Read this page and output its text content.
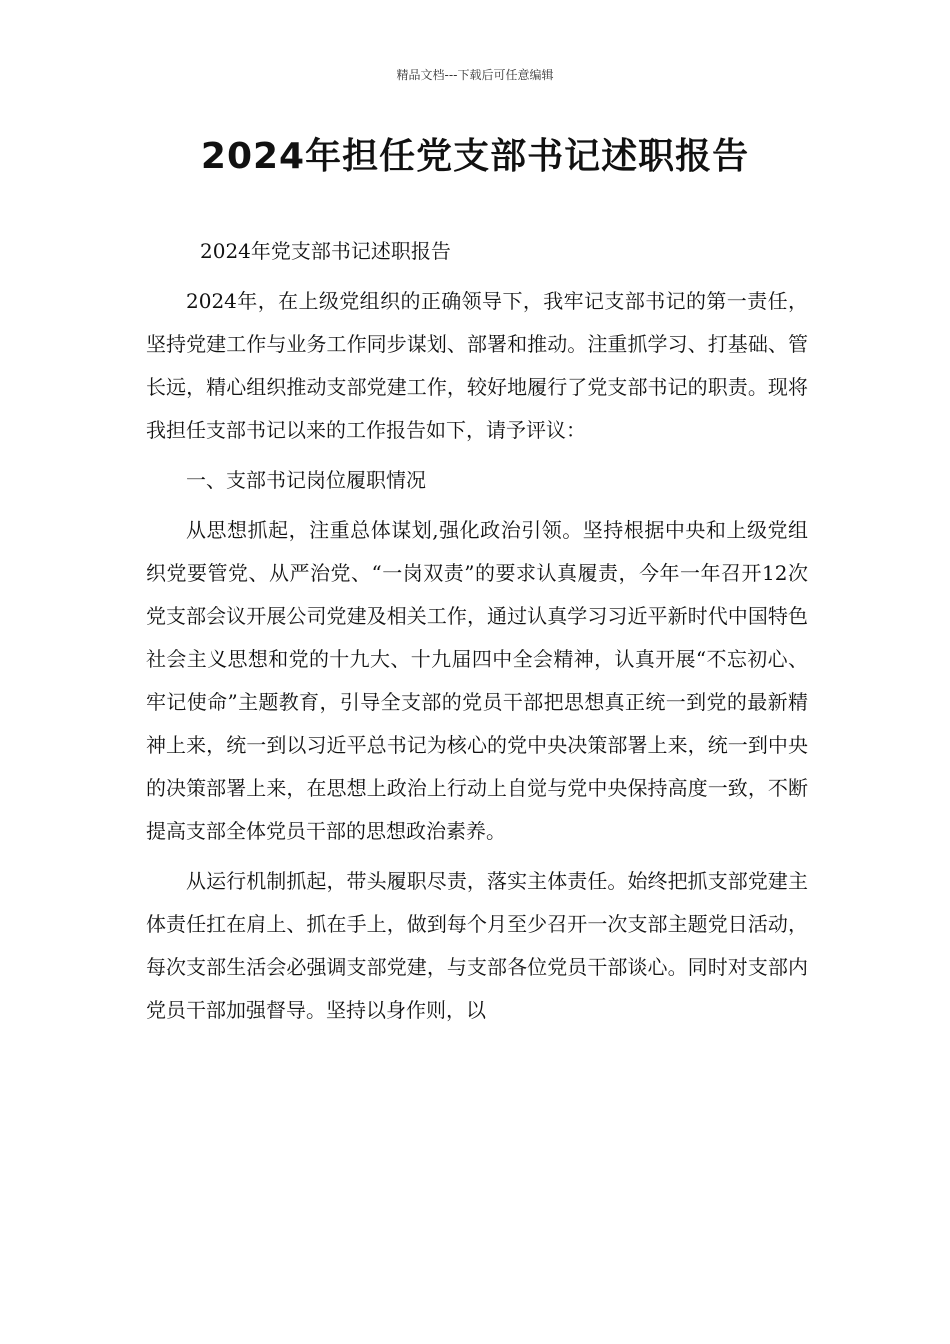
精品文档---下载后可任意编辑
2024年担任党支部书记述职报告

2024年党支部书记述职报告

2024年，在上级党组织的正确领导下，我牢记支部书记的第一责任，坚持党建工作与业务工作同步谋划、部署和推动。注重抓学习、打基础、管长远，精心组织推动支部党建工作，较好地履行了党支部书记的职责。现将我担任支部书记以来的工作报告如下，请予评议：

一、支部书记岗位履职情况

从思想抓起，注重总体谋划,强化政治引领。坚持根据中央和上级党组织党要管党、从严治党、“一岗双责”的要求认真履责，今年一年召开12次党支部会议开展公司党建及相关工作，通过认真学习习近平新时代中国特色社会主义思想和党的十九大、十九届四中全会精神，认真开展“不忘初心、牢记使命”主题教育，引导全支部的党员干部把思想真正统一到党的最新精神上来，统一到以习近平总书记为核心的党中央决策部署上来，统一到中央的决策部署上来，在思想上政治上行动上自觉与党中央保持高度一致，不断提高支部全体党员干部的思想政治素养。

从运行机制抓起，带头履职尽责，落实主体责任。始终把抓支部党建主体责任扛在肩上、抓在手上，做到每个月至少召开一次支部主题党日活动，每次支部生活会必强调支部党建，与支部各位党员干部谈心。同时对支部内党员干部加强督导。坚持以身作则，以
